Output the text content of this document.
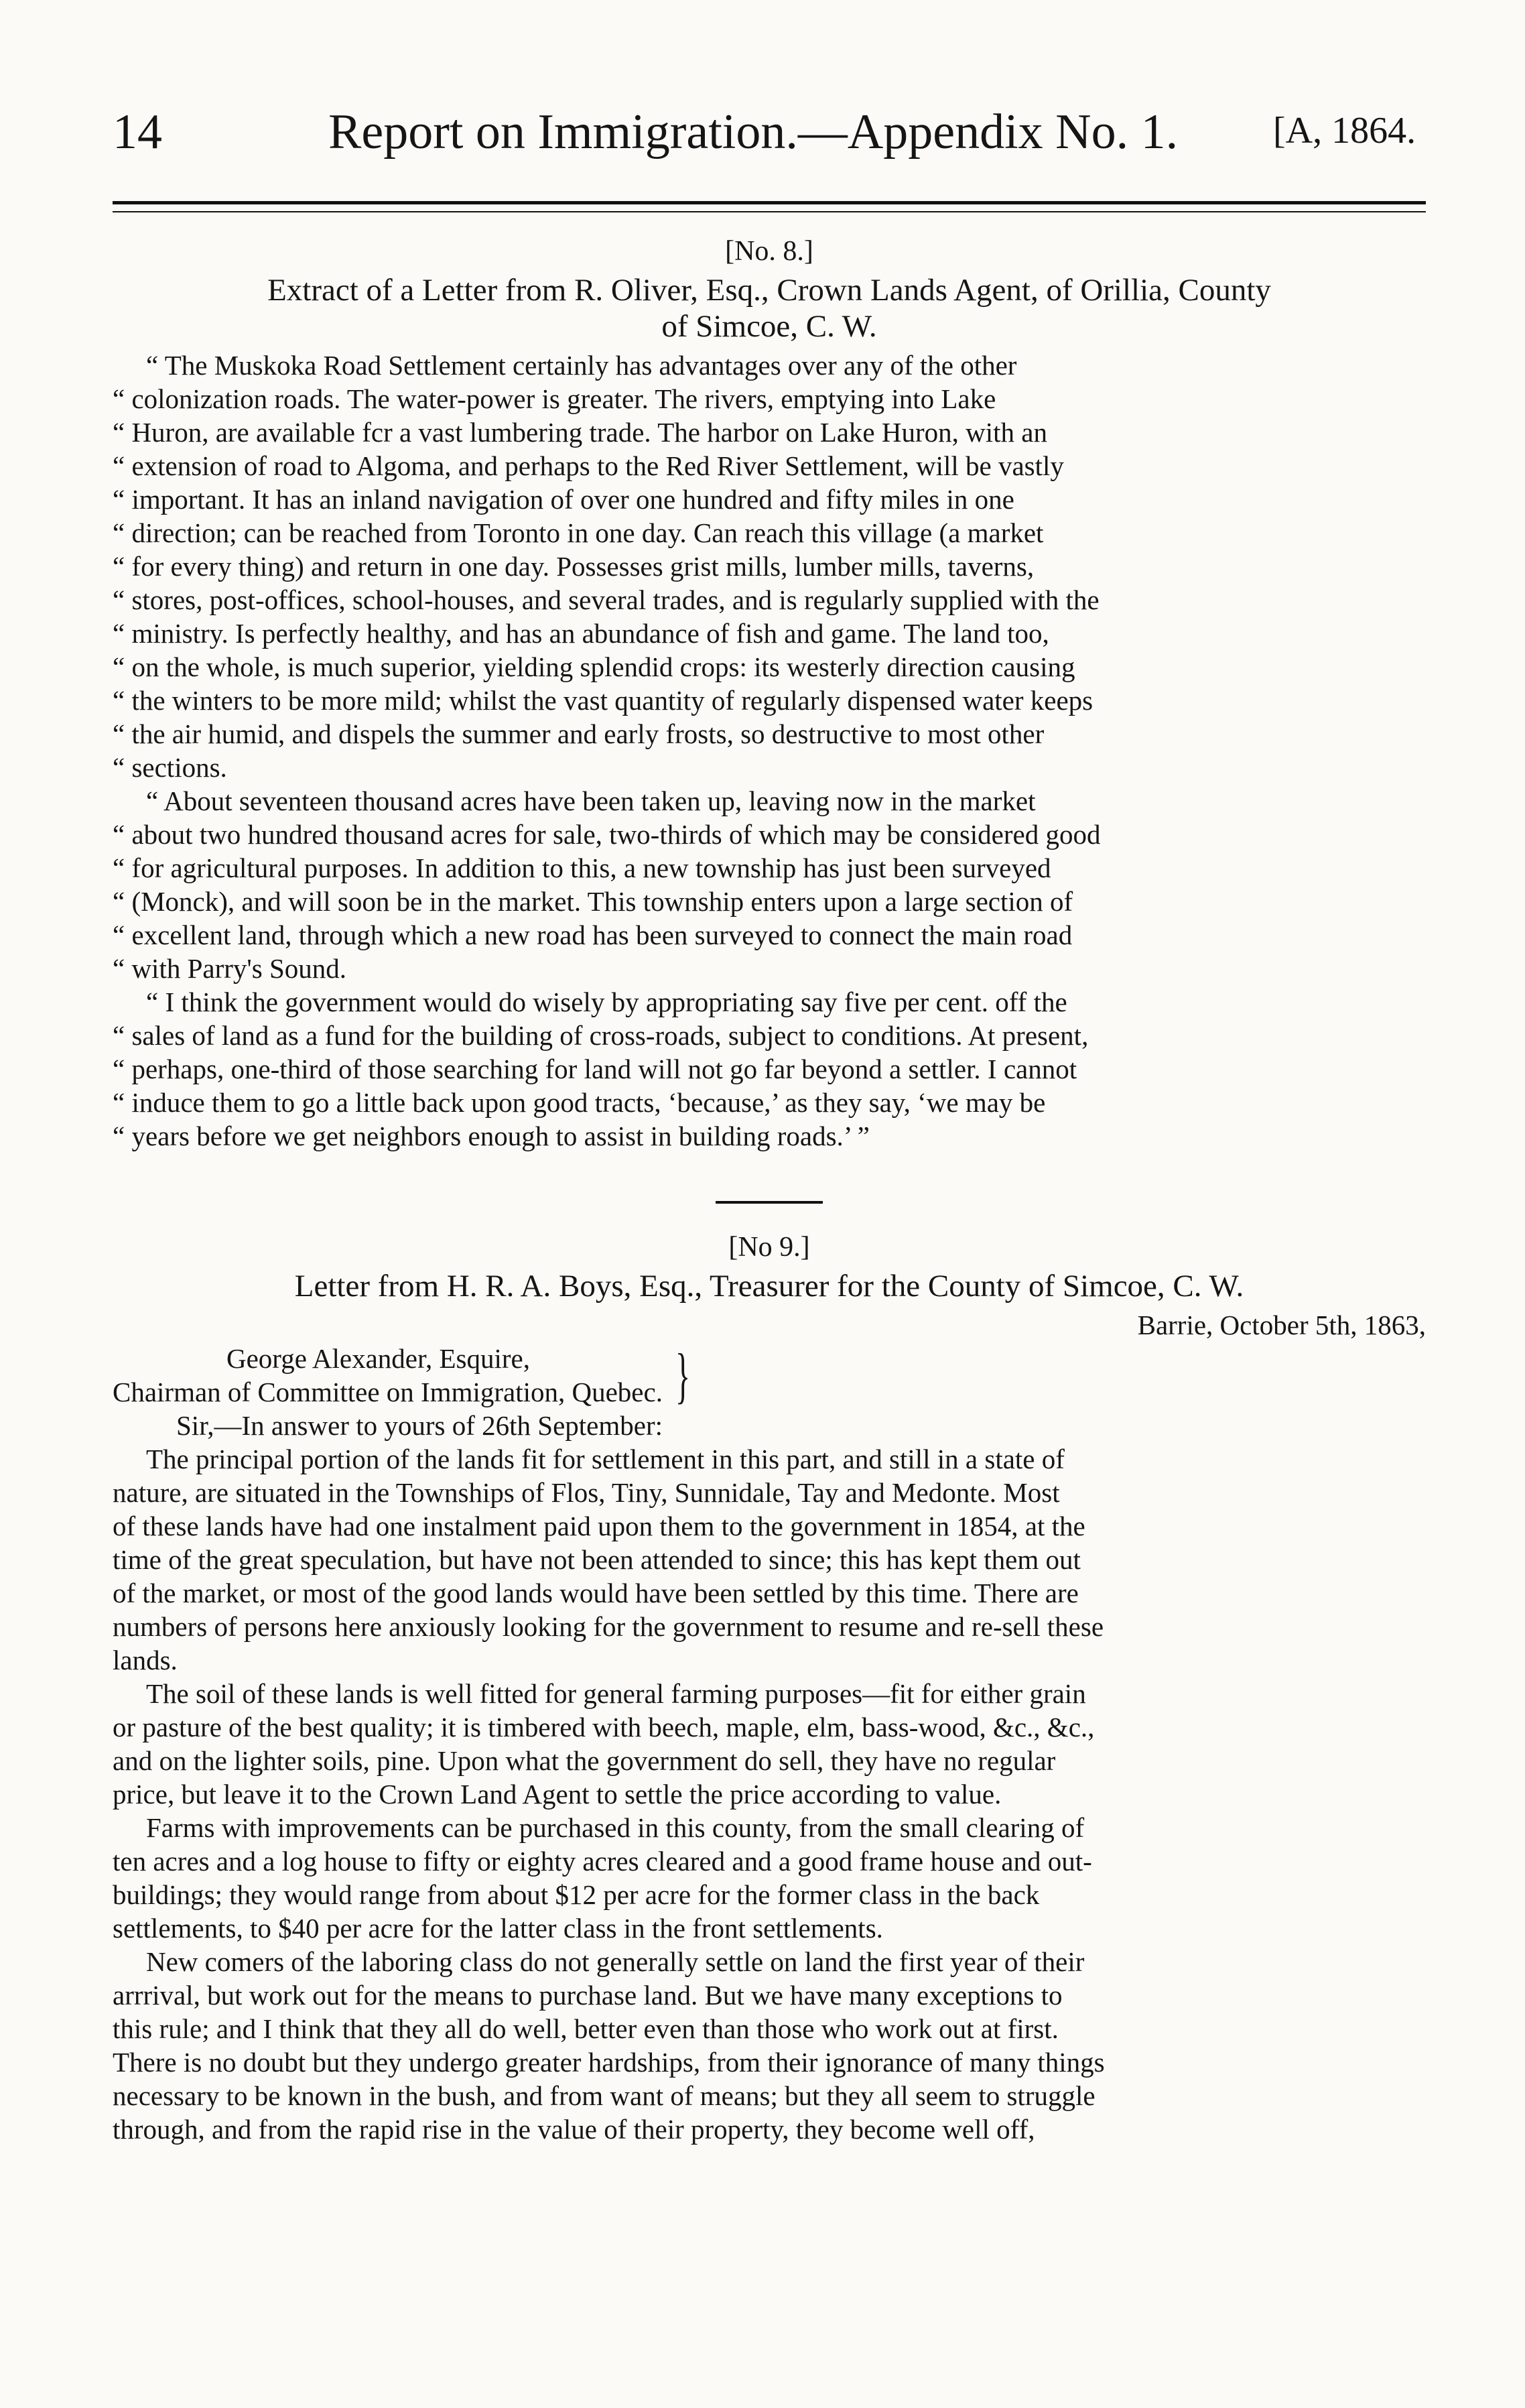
14	Report on Immigration.—Appendix No. 1.	[A, 1864.
[No. 8.]
Extract of a Letter from R. Oliver, Esq., Crown Lands Agent, of Orillia, County
of Simcoe, C. W.
“ The Muskoka Road Settlement certainly has advantages over any of the other
“ colonization roads. The water-power is greater. The rivers, emptying into Lake
“ Huron, are available fcr a vast lumbering trade. The harbor on Lake Huron, with an
“ extension of road to Algoma, and perhaps to the Red River Settlement, will be vastly
“ important. It has an inland navigation of over one hundred and fifty miles in one
“ direction; can be reached from Toronto in one day. Can reach this village (a market
“ for every thing) and return in one day. Possesses grist mills, lumber mills, taverns,
“ stores, post-offices, school-houses, and several trades, and is regularly supplied with the
“ ministry. Is perfectly healthy, and has an abundance of fish and game. The land too,
“ on the whole, is much superior, yielding splendid crops: its westerly direction causing
“ the winters to be more mild; whilst the vast quantity of regularly dispensed water keeps
“ the air humid, and dispels the summer and early frosts, so destructive to most other
“ sections.
“ About seventeen thousand acres have been taken up, leaving now in the market
“ about two hundred thousand acres for sale, two-thirds of which may be considered good
“ for agricultural purposes. In addition to this, a new township has just been surveyed
“ (Monck), and will soon be in the market. This township enters upon a large section of
“ excellent land, through which a new road has been surveyed to connect the main road
“ with Parry's Sound.
“ I think the government would do wisely by appropriating say five per cent. off the
“ sales of land as a fund for the building of cross-roads, subject to conditions. At present,
“ perhaps, one-third of those searching for land will not go far beyond a settler. I cannot
“ induce them to go a little back upon good tracts, ‘because,’ as they say, ‘we may be
“ years before we get neighbors enough to assist in building roads.’ ”
[No 9.]
Letter from H. R. A. Boys, Esq., Treasurer for the County of Simcoe, C. W.
Barrie, October 5th, 1863,
George Alexander, Esquire,
Chairman of Committee on Immigration, Quebec. }
Sir,—In answer to yours of 26th September:
The principal portion of the lands fit for settlement in this part, and still in a state of
nature, are situated in the Townships of Flos, Tiny, Sunnidale, Tay and Medonte. Most
of these lands have had one instalment paid upon them to the government in 1854, at the
time of the great speculation, but have not been attended to since; this has kept them out
of the market, or most of the good lands would have been settled by this time. There are
numbers of persons here anxiously looking for the government to resume and re-sell these
lands.
The soil of these lands is well fitted for general farming purposes—fit for either grain
or pasture of the best quality; it is timbered with beech, maple, elm, bass-wood, &c., &c.,
and on the lighter soils, pine. Upon what the government do sell, they have no regular
price, but leave it to the Crown Land Agent to settle the price according to value.
Farms with improvements can be purchased in this county, from the small clearing of
ten acres and a log house to fifty or eighty acres cleared and a good frame house and out-
buildings; they would range from about $12 per acre for the former class in the back
settlements, to $40 per acre for the latter class in the front settlements.
New comers of the laboring class do not generally settle on land the first year of their
arrrival, but work out for the means to purchase land. But we have many exceptions to
this rule; and I think that they all do well, better even than those who work out at first.
There is no doubt but they undergo greater hardships, from their ignorance of many things
necessary to be known in the bush, and from want of means; but they all seem to struggle
through, and from the rapid rise in the value of their property, they become well off,
